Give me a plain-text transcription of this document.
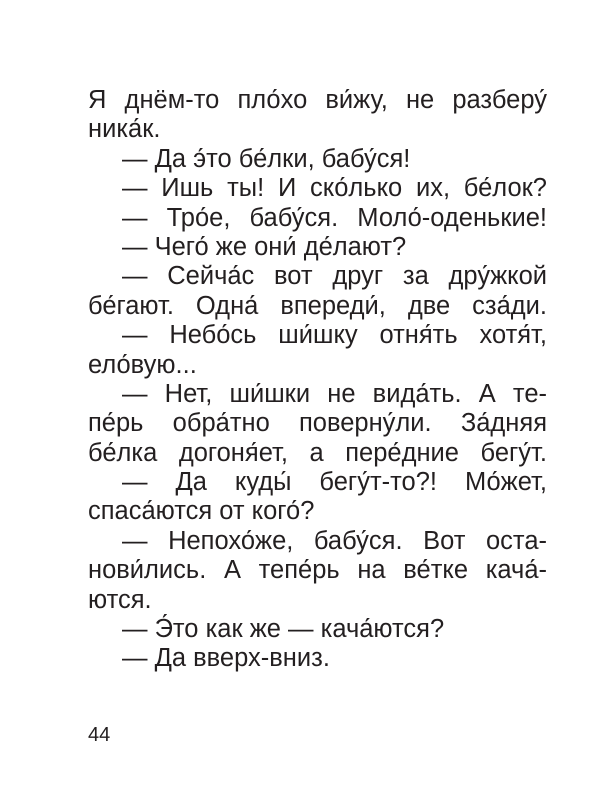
Я днём-то пло́хо ви́жу, не разберу́
ника́к.
— Да э́то бе́лки, бабу́ся!
— Ишь ты! И ско́лько их, бе́лок?
— Тро́е, бабу́ся. Моло́-оденькие!
— Чего́ же они́ де́лают?
— Сейча́с вот друг за дру́жкой
бе́гают. Одна́ впереди́, две сза́ди.
— Небо́сь ши́шку отня́ть хотя́т,
ело́вую...
— Нет, ши́шки не вида́ть. А те-
пе́рь обра́тно поверну́ли. За́дняя
бе́лка догоня́ет, а пере́дние бегу́т.
— Да куды́ бегу́т-то?! Мо́жет,
спаса́ются от кого́?
— Непохо́же, бабу́ся. Вот оста-
нови́лись. А тепе́рь на ве́тке кача́-
ются.
— Э́то как же — кача́ются?
— Да вверх-вниз.
44
